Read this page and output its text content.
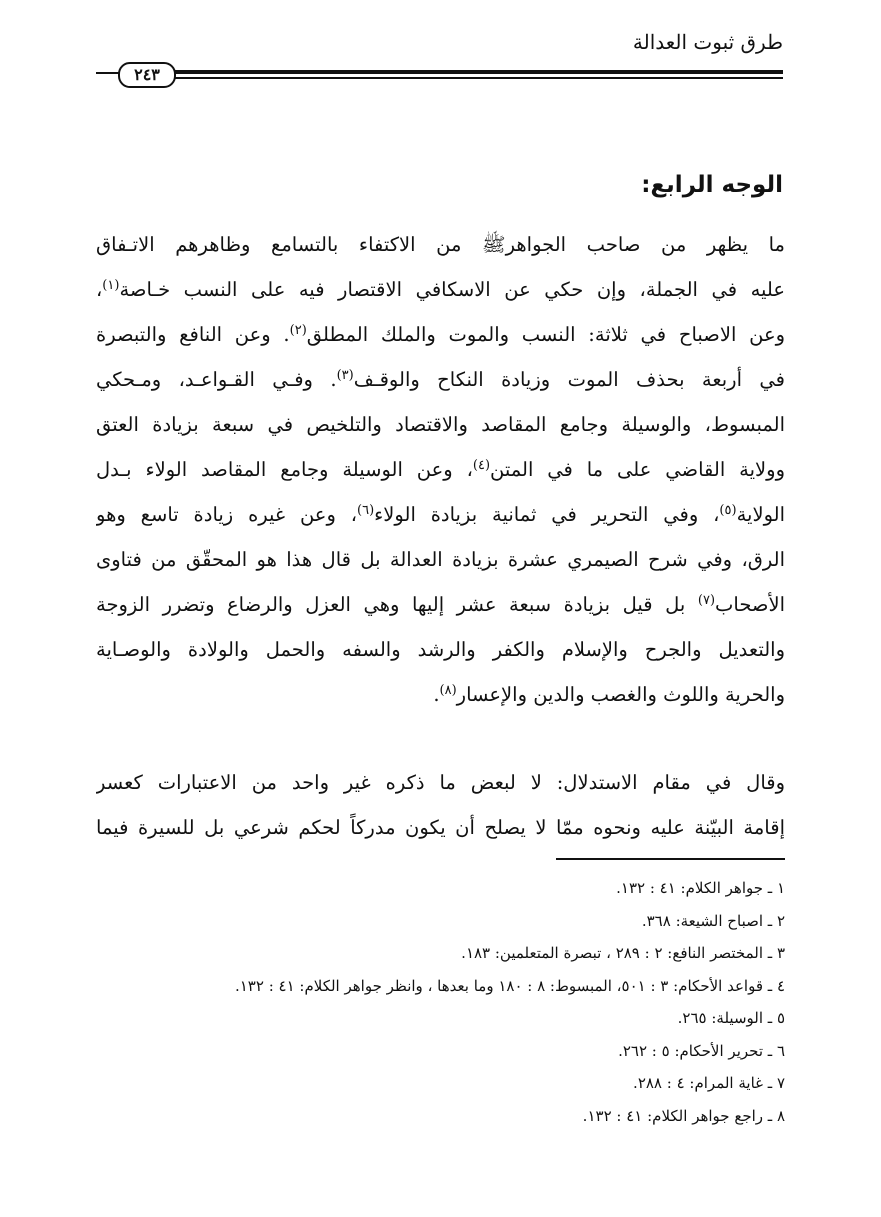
طرق ثبوت العدالة
٢٤٣
الوجه الرابع:
ما يظهر من صاحب الجواهرﷺ من الاكتفاء بالتسامع وظاهرهم الاتـفاق
عليه في الجملة، وإن حكي عن الاسكافي الاقتصار فيه على النسب خـاصة$^{(١)}$،
وعن الاصباح في ثلاثة: النسب والموت والملك المطلق$^{(٢)}$. وعن النافع والتبصرة
في أربعة بحذف الموت وزيادة النكاح والوقـف$^{(٣)}$. وفـي القـواعـد، ومـحكي
المبسوط، والوسيلة وجامع المقاصد والاقتصاد والتلخيص في سبعة بزيادة العتق
وولاية القاضي على ما في المتن$^{(٤)}$، وعن الوسيلة وجامع المقاصد الولاء بـدل
الولاية$^{(٥)}$، وفي التحرير في ثمانية بزيادة الولاء$^{(٦)}$، وعن غيره زيادة تاسع وهو
الرق، وفي شرح الصيمري عشرة بزيادة العدالة بل قال هذا هو المحقّق من فتاوى
الأصحاب$^{(٧)}$ بل قيل بزيادة سبعة عشر إليها وهي العزل والرضاع وتضرر الزوجة
والتعديل والجرح والإسلام والكفر والرشد والسفه والحمل والولادة والوصـاية
والحرية واللوث والغصب والدين والإعسار$^{(٨)}$.
وقال في مقام الاستدلال: لا لبعض ما ذكره غير واحد من الاعتبارات كعسر
إقامة البيّنة عليه ونحوه ممّا لا يصلح أن يكون مدركاً لحكم شرعي بل للسيرة فيما
١ ـ جواهر الكلام: ٤١ : ١٣٢.
٢ ـ اصباح الشيعة: ٣٦٨.
٣ ـ المختصر النافع: ٢ : ٢٨٩ ، تبصرة المتعلمين: ١٨٣.
٤ ـ قواعد الأحكام: ٣ : ٥٠١، المبسوط: ٨ : ١٨٠ وما بعدها ، وانظر جواهر الكلام: ٤١ : ١٣٢.
٥ ـ الوسيلة: ٢٦٥.
٦ ـ تحرير الأحكام: ٥ : ٢٦٢.
٧ ـ غاية المرام: ٤ : ٢٨٨.
٨ ـ راجع جواهر الكلام: ٤١ : ١٣٢.
